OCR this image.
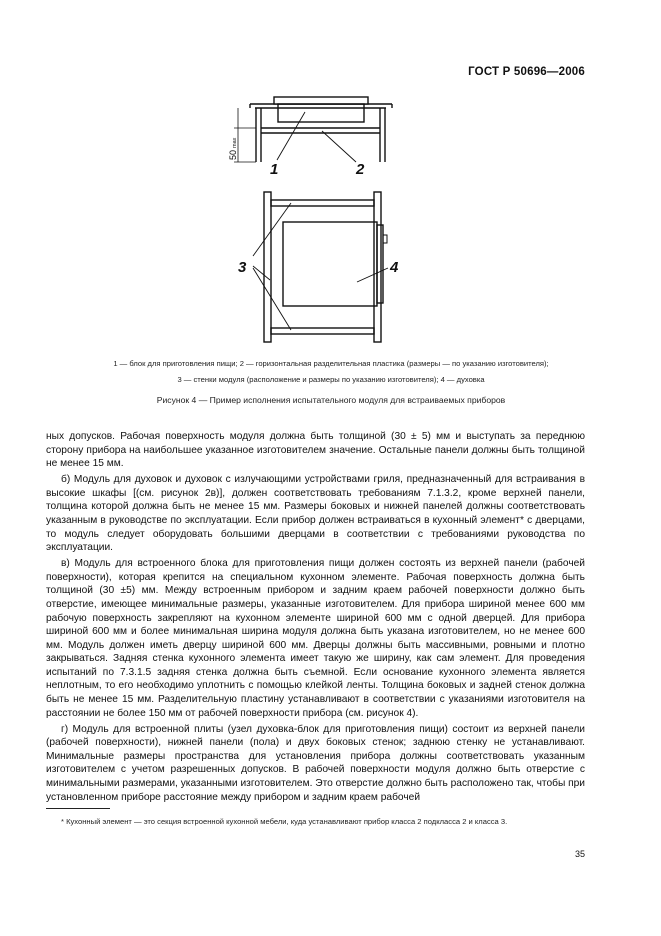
ГОСТ Р 50696—2006
50
max
1	2
3	4
1 — блок для приготовления пищи; 2 — горизонтальная разделительная пластика (размеры — по указанию изготовителя);
3 — стенки модуля (расположение и размеры по указанию изготовителя); 4 — духовка
Рисунок 4 — Пример исполнения испытательного модуля для встраиваемых приборов

ных допусков. Рабочая поверхность модуля должна быть толщиной (30 ± 5) мм и выступать за переднюю сторону прибора на наибольшее указанное изготовителем значение. Остальные панели должны быть толщиной не менее 15 мм.

б) Модуль для духовок и духовок с излучающими устройствами гриля, предназначенный для встраивания в высокие шкафы [(см. рисунок 2в)], должен соответствовать требованиям 7.1.3.2, кроме верхней панели, толщина которой должна быть не менее 15 мм. Размеры боковых и нижней панелей должны соответствовать указанным в руководстве по эксплуатации. Если прибор должен встраиваться в кухонный элемент* с дверцами, то модуль следует оборудовать большими дверцами в соответствии с требованиями руководства по эксплуатации.

в) Модуль для встроенного блока для приготовления пищи должен состоять из верхней панели (рабочей поверхности), которая крепится на специальном кухонном элементе. Рабочая поверхность должна быть толщиной (30 ±5) мм. Между встроенным прибором и задним краем рабочей поверхности должно быть отверстие, имеющее минимальные размеры, указанные изготовителем. Для прибора шириной менее 600 мм рабочую поверхность закрепляют на кухонном элементе шириной 600 мм с одной дверцей. Для прибора шириной 600 мм и более минимальная ширина модуля должна быть указана изготовителем, но не менее 600 мм. Модуль должен иметь дверцу шириной 600 мм. Дверцы должны быть массивными, ровными и плотно закрываться. Задняя стенка кухонного элемента имеет такую же ширину, как сам элемент. Для проведения испытаний по 7.3.1.5 задняя стенка должна быть съемной. Если основание кухонного элемента является неплотным, то его необходимо уплотнить с помощью клейкой ленты. Толщина боковых и задней стенок должна быть не менее 15 мм. Разделительную пластину устанавливают в соответствии с указаниями изготовителя на расстоянии не более 150 мм от рабочей поверхности прибора (см. рисунок 4).

г) Модуль для встроенной плиты (узел духовка-блок для приготовления пищи) состоит из верхней панели (рабочей поверхности), нижней панели (пола) и двух боковых стенок; заднюю стенку не устанавливают. Минимальные размеры пространства для установления прибора должны соответствовать указанным изготовителем с учетом разрешенных допусков. В рабочей поверхности модуля должно быть отверстие с минимальными размерами, указанными изготовителем. Это отверстие должно быть расположено так, чтобы при установленном приборе расстояние между прибором и задним краем рабочей

* Кухонный элемент — это секция встроенной кухонной мебели, куда устанавливают прибор класса 2 подкласса 2 и класса 3.
35
